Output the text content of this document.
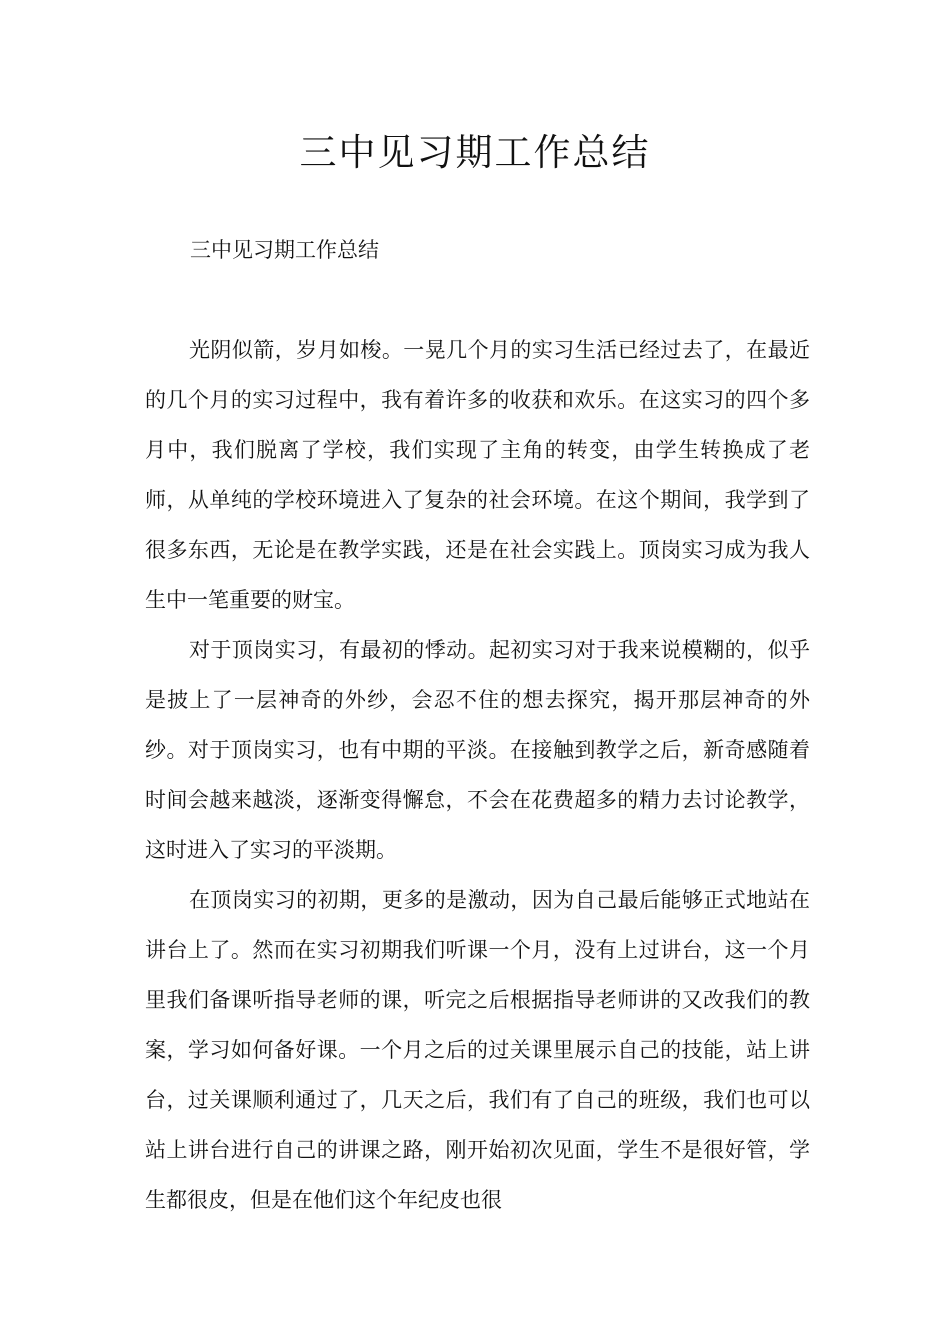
三中见习期工作总结

三中见习期工作总结

光阴似箭，岁月如梭。一晃几个月的实习生活已经过去了，在最近的几个月的实习过程中，我有着许多的收获和欢乐。在这实习的四个多月中，我们脱离了学校，我们实现了主角的转变，由学生转换成了老师，从单纯的学校环境进入了复杂的社会环境。在这个期间，我学到了很多东西，无论是在教学实践，还是在社会实践上。顶岗实习成为我人生中一笔重要的财宝。

对于顶岗实习，有最初的悸动。起初实习对于我来说模糊的，似乎是披上了一层神奇的外纱，会忍不住的想去探究，揭开那层神奇的外纱。对于顶岗实习，也有中期的平淡。在接触到教学之后，新奇感随着时间会越来越淡，逐渐变得懈怠，不会在花费超多的精力去讨论教学，这时进入了实习的平淡期。

在顶岗实习的初期，更多的是激动，因为自己最后能够正式地站在讲台上了。然而在实习初期我们听课一个月，没有上过讲台，这一个月里我们备课听指导老师的课，听完之后根据指导老师讲的又改我们的教案，学习如何备好课。一个月之后的过关课里展示自己的技能，站上讲台，过关课顺利通过了，几天之后，我们有了自己的班级，我们也可以站上讲台进行自己的讲课之路，刚开始初次见面，学生不是很好管，学生都很皮，但是在他们这个年纪皮也很
